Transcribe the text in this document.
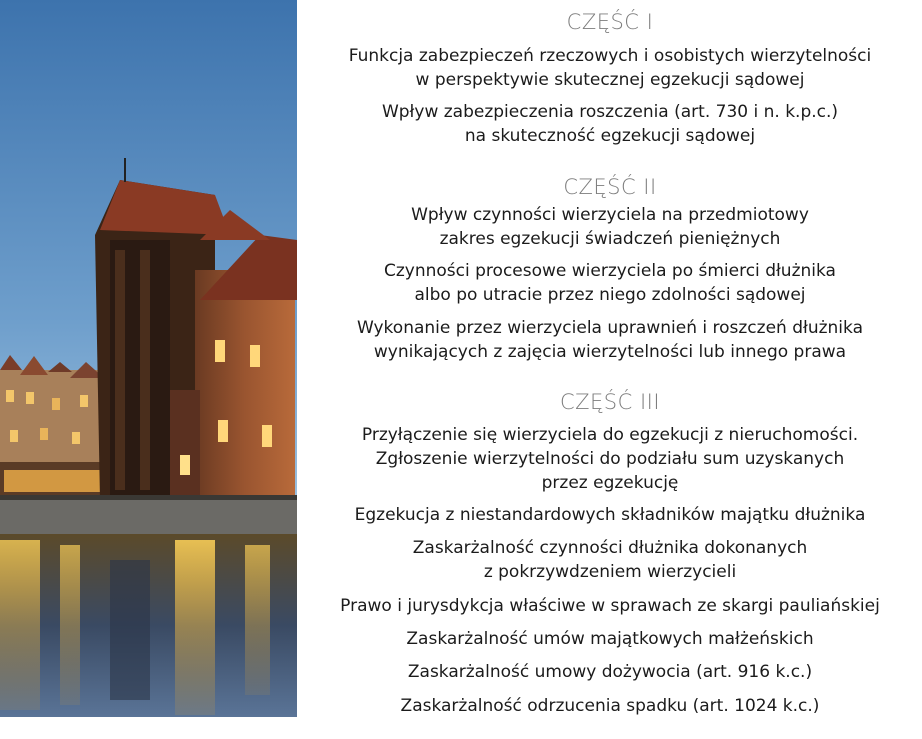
CZĘŚĆ I

Funkcja zabezpieczeń rzeczowych i osobistych wierzytelności
w perspektywie skutecznej egzekucji sądowej

Wpływ zabezpieczenia roszczenia (art. 730 i n. k.p.c.)
na skuteczność egzekucji sądowej

CZĘŚĆ II

Wpływ czynności wierzyciela na przedmiotowy
zakres egzekucji świadczeń pieniężnych

Czynności procesowe wierzyciela po śmierci dłużnika
albo po utracie przez niego zdolności sądowej

Wykonanie przez wierzyciela uprawnień i roszczeń dłużnika
wynikających z zajęcia wierzytelności lub innego prawa

CZĘŚĆ III

Przyłączenie się wierzyciela do egzekucji z nieruchomości.
Zgłoszenie wierzytelności do podziału sum uzyskanych
przez egzekucję

Egzekucja z niestandardowych składników majątku dłużnika

Zaskarżalność czynności dłużnika dokonanych
z pokrzywdzeniem wierzycieli

Prawo i jurysdykcja właściwe w sprawach ze skargi pauliańskiej

Zaskarżalność umów majątkowych małżeńskich

Zaskarżalność umowy dożywocia (art. 916 k.c.)

Zaskarżalność odrzucenia spadku (art. 1024 k.c.)
